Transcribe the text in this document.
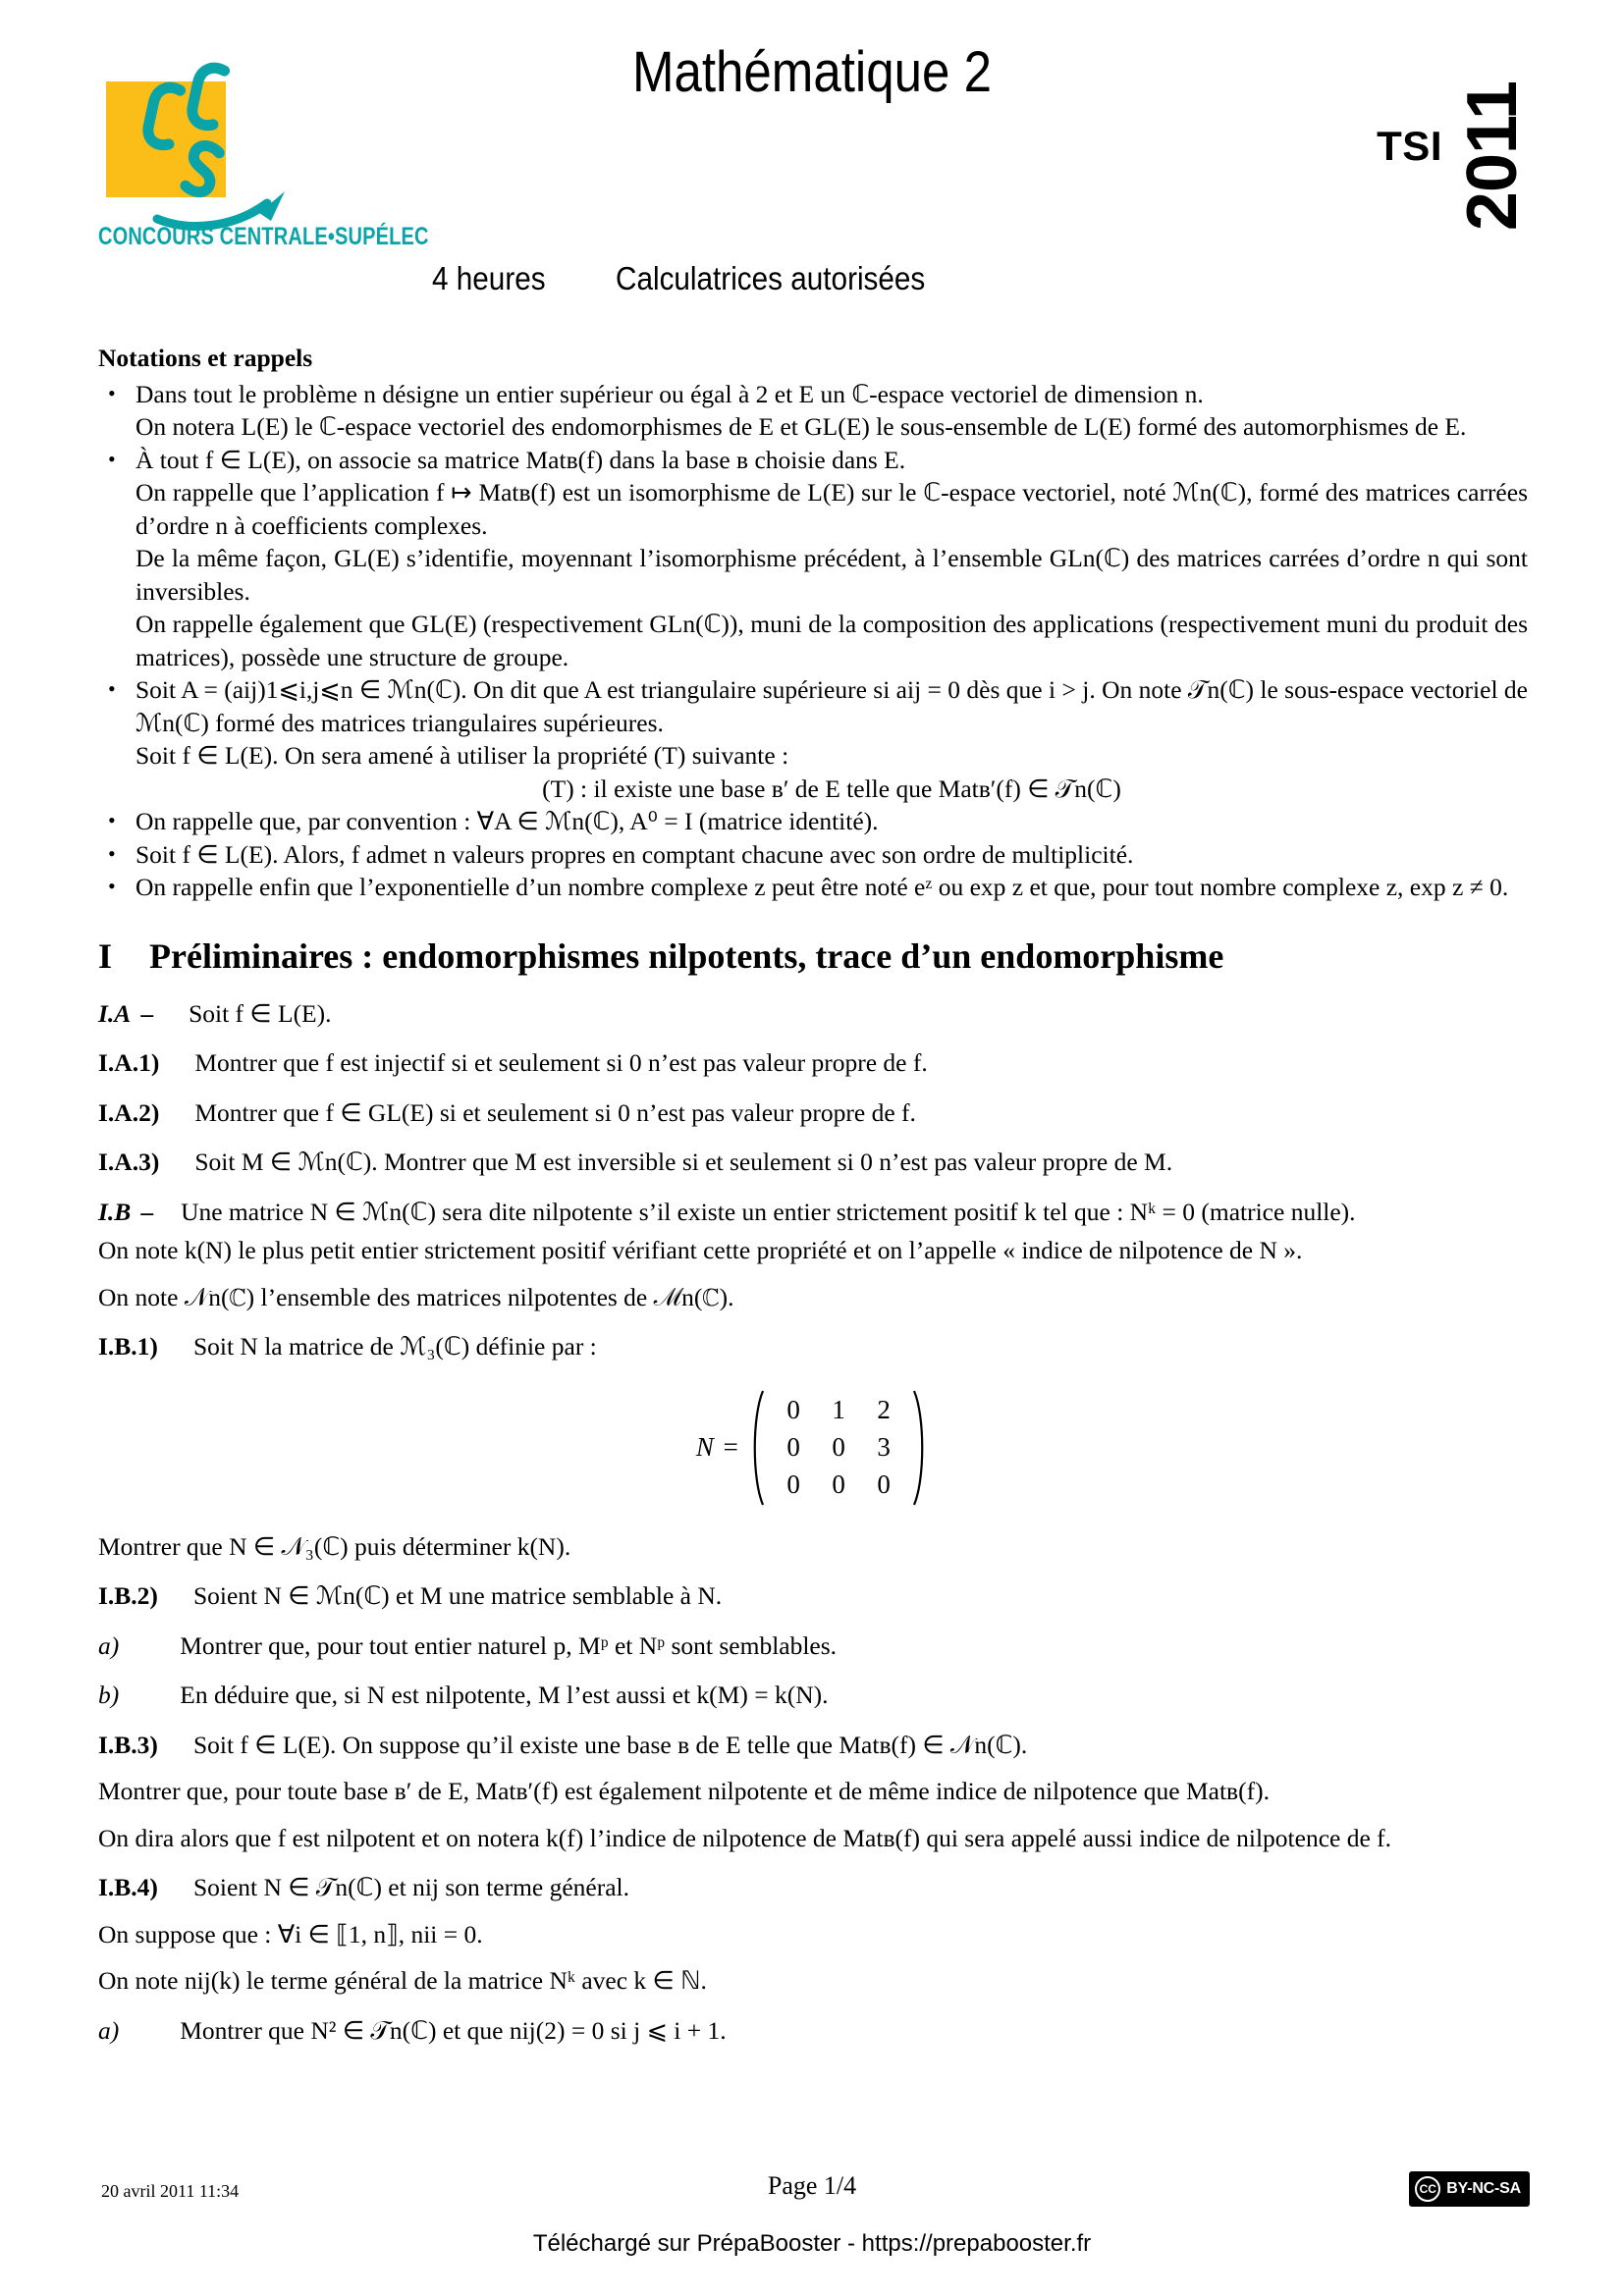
CONCOURS CENTRALE•SUPÉLEC
Mathématique 2
TSI 2011
4 heures	Calculatrices autorisées
Notations et rappels
• Dans tout le problème n désigne un entier supérieur ou égal à 2 et E un ℂ-espace vectoriel de dimension n.
On notera L(E) le ℂ-espace vectoriel des endomorphismes de E et GL(E) le sous-ensemble de L(E) formé des automorphismes de E.
• À tout f ∈ L(E), on associe sa matrice Matʙ(f) dans la base ʙ choisie dans E.
On rappelle que l’application f ↦ Matʙ(f) est un isomorphisme de L(E) sur le ℂ-espace vectoriel, noté ℳn(ℂ), formé des matrices carrées d’ordre n à coefficients complexes.
De la même façon, GL(E) s’identifie, moyennant l’isomorphisme précédent, à l’ensemble GLn(ℂ) des matrices carrées d’ordre n qui sont inversibles.
On rappelle également que GL(E) (respectivement GLn(ℂ)), muni de la composition des applications (respectivement muni du produit des matrices), possède une structure de groupe.
• Soit A = (aij)1⩽i,j⩽n ∈ ℳn(ℂ). On dit que A est triangulaire supérieure si aij = 0 dès que i > j. On note 𝒯n(ℂ) le sous-espace vectoriel de ℳn(ℂ) formé des matrices triangulaires supérieures.
Soit f ∈ L(E). On sera amené à utiliser la propriété (T) suivante :
(T) : il existe une base ʙ′ de E telle que Matʙ′(f) ∈ 𝒯n(ℂ)
• On rappelle que, par convention : ∀A ∈ ℳn(ℂ), A⁰ = I (matrice identité).
• Soit f ∈ L(E). Alors, f admet n valeurs propres en comptant chacune avec son ordre de multiplicité.
• On rappelle enfin que l’exponentielle d’un nombre complexe z peut être noté eᶻ ou exp z et que, pour tout nombre complexe z, exp z ≠ 0.
I	Préliminaires : endomorphismes nilpotents, trace d’un endomorphisme
I.A – Soit f ∈ L(E).
I.A.1) Montrer que f est injectif si et seulement si 0 n’est pas valeur propre de f.
I.A.2) Montrer que f ∈ GL(E) si et seulement si 0 n’est pas valeur propre de f.
I.A.3) Soit M ∈ ℳn(ℂ). Montrer que M est inversible si et seulement si 0 n’est pas valeur propre de M.
I.B – Une matrice N ∈ ℳn(ℂ) sera dite nilpotente s’il existe un entier strictement positif k tel que : Nᵏ = 0 (matrice nulle).
On note k(N) le plus petit entier strictement positif vérifiant cette propriété et on l’appelle « indice de nilpotence de N ».
On note 𝒩n(ℂ) l’ensemble des matrices nilpotentes de ℳn(ℂ).
I.B.1) Soit N la matrice de ℳ₃(ℂ) définie par :
N =
0 1 2
0 0 3
0 0 0
Montrer que N ∈ 𝒩₃(ℂ) puis déterminer k(N).
I.B.2) Soient N ∈ ℳn(ℂ) et M une matrice semblable à N.
a) Montrer que, pour tout entier naturel p, Mᵖ et Nᵖ sont semblables.
b) En déduire que, si N est nilpotente, M l’est aussi et k(M) = k(N).
I.B.3) Soit f ∈ L(E). On suppose qu’il existe une base ʙ de E telle que Matʙ(f) ∈ 𝒩n(ℂ).
Montrer que, pour toute base ʙ′ de E, Matʙ′(f) est également nilpotente et de même indice de nilpotence que Matʙ(f).
On dira alors que f est nilpotent et on notera k(f) l’indice de nilpotence de Matʙ(f) qui sera appelé aussi indice de nilpotence de f.
I.B.4) Soient N ∈ 𝒯n(ℂ) et nij son terme général.
On suppose que : ∀i ∈ ⟦1, n⟧, nii = 0.
On note nij(k) le terme général de la matrice Nᵏ avec k ∈ ℕ.
a) Montrer que N² ∈ 𝒯n(ℂ) et que nij(2) = 0 si j ⩽ i + 1.
20 avril 2011 11:34	Page 1/4
Téléchargé sur PrépaBooster - https://prepabooster.fr
CC BY-NC-SA
